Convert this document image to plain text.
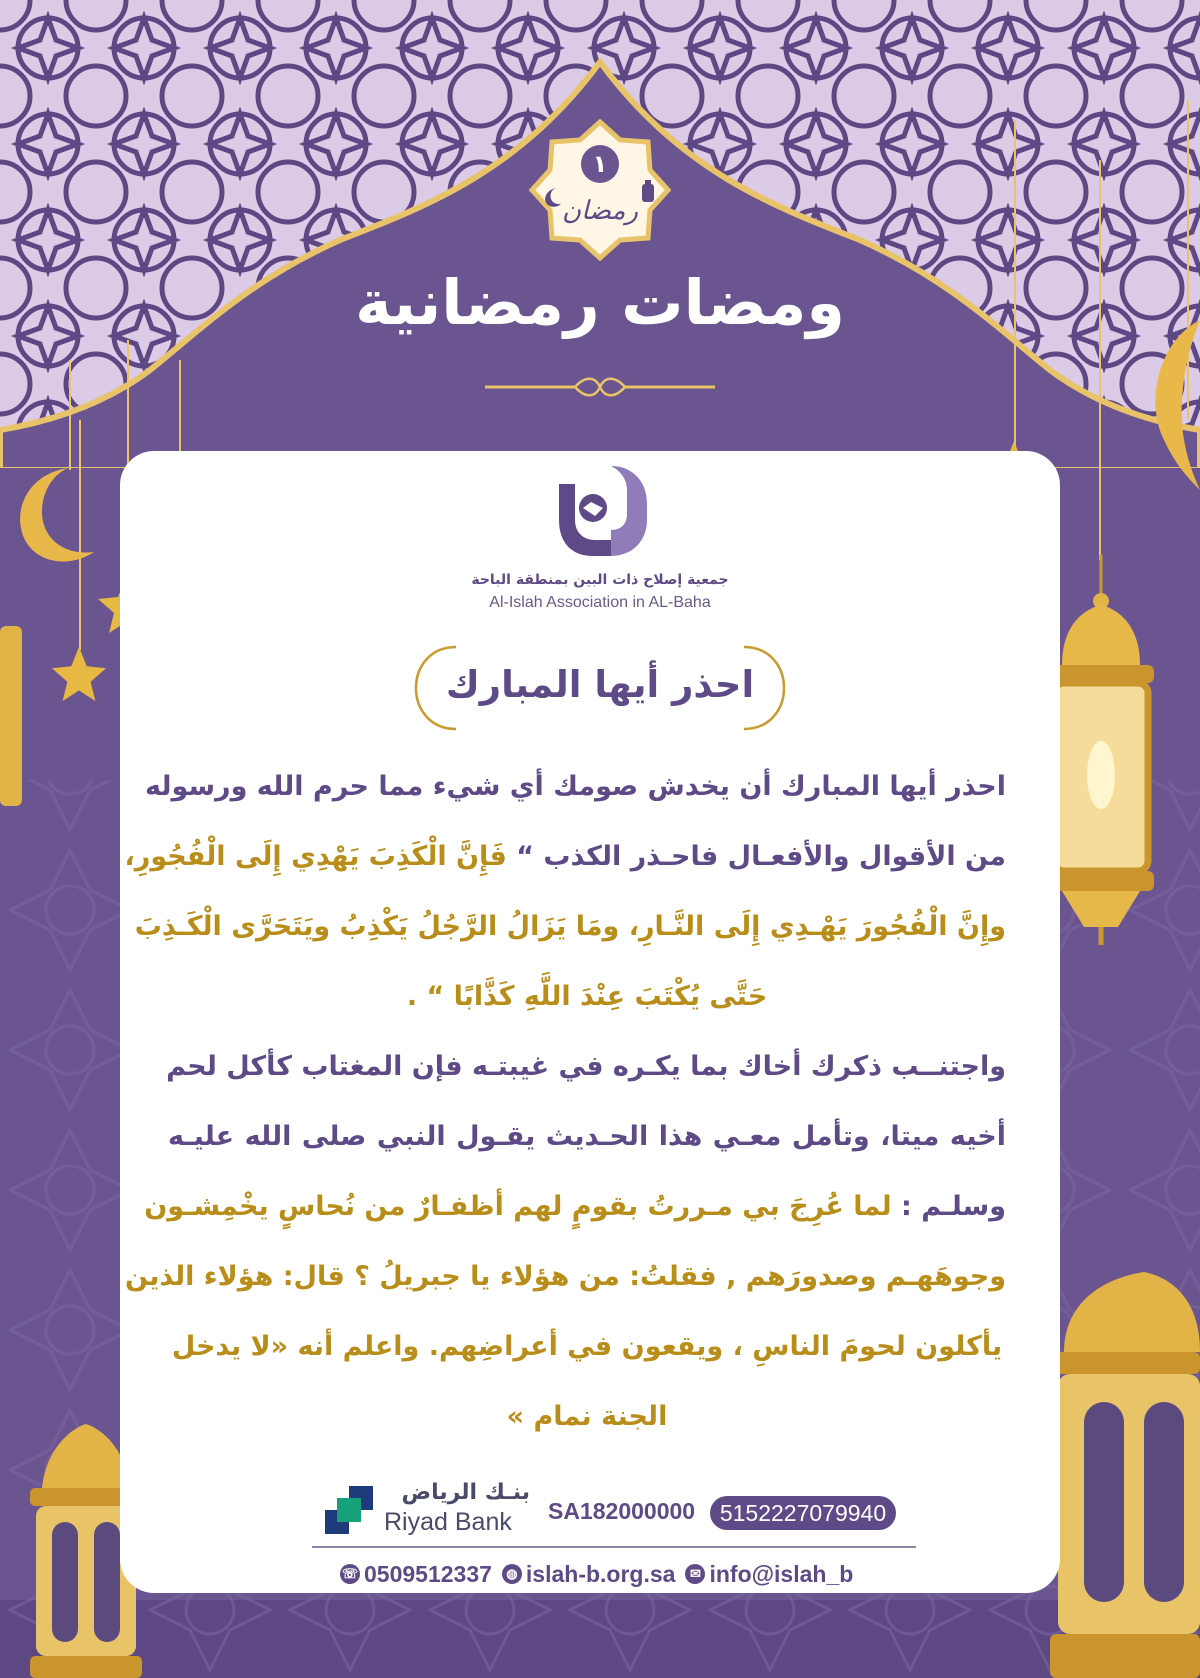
١
رمضان
ومضات رمضانية
جمعية إصلاح ذات البين بمنطقة الباحة
Al-Islah Association in AL-Baha
احذر أيها المبارك
احذر أيها المبارك أن يخدش صومك أي شيء مما حرم الله ورسوله
من الأقوال والأفعـال فاحـذر الكذب “ فَإِنَّ الْكَذِبَ يَهْدِي إِلَى الْفُجُورِ،
وإِنَّ الْفُجُورَ يَهْـدِي إِلَى النَّـارِ، ومَا يَزَالُ الرَّجُلُ يَكْذِبُ ويَتَحَرَّى الْكَـذِبَ
حَتَّى يُكْتَبَ عِنْدَ اللَّهِ كَذَّابًا “ .
واجتنــب ذكرك أخاك بما يكـره في غيبتـه فإن المغتاب كأكل لحم
أخيه ميتا، وتأمل معـي هذا الحـديث يقـول النبي صلى الله عليـه
وسلـم : لما عُرِجَ بي مـررتُ بقومٍ لهم أظفـارٌ من نُحاسٍ يخْمِشـون
وجوهَهـم وصدورَهم , فقلتُ: من هؤلاء يا جبريلُ ؟ قال: هؤلاء الذين
يأكلون لحومَ الناسِ ، ويقعون في أعراضِهم. واعلم أنه «لا يدخل
الجنة نمام »
بنـك الرياض
Riyad Bank	SA182000000	5152227079940
☏ 0509512337	◍ islah-b.org.sa	✉ info@islah_b
